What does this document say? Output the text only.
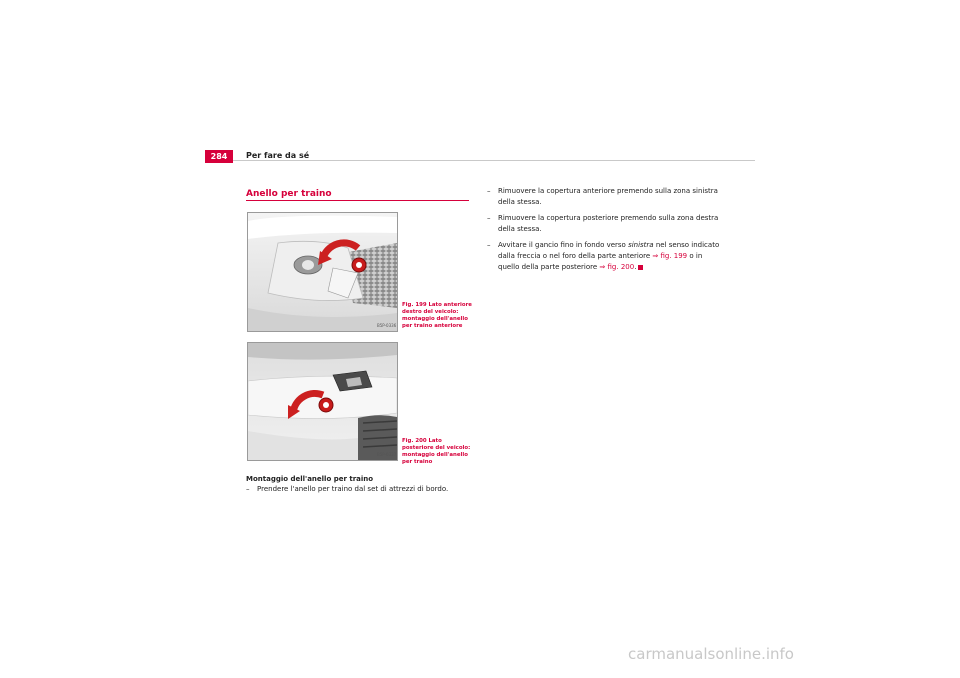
284	Per fare da sé
Anello per traino
B5P-0336
Fig. 199 Lato anteriore destro del veicolo: montaggio dell'anello per traino anteriore
B5P-0337
Fig. 200 Lato posteriore del veicolo: montaggio dell'anello per traino
Montaggio dell'anello per traino
–	Prendere l'anello per traino dal set di attrezzi di bordo.
–	Rimuovere la copertura anteriore premendo sulla zona sinistra della stessa.
–	Rimuovere la copertura posteriore premendo sulla zona destra della stessa.
–	Avvitare il gancio fino in fondo verso sinistra nel senso indicato dalla freccia o nel foro della parte anteriore ⇒ fig. 199 o in quello della parte posteriore ⇒ fig. 200.
carmanualsonline.info
